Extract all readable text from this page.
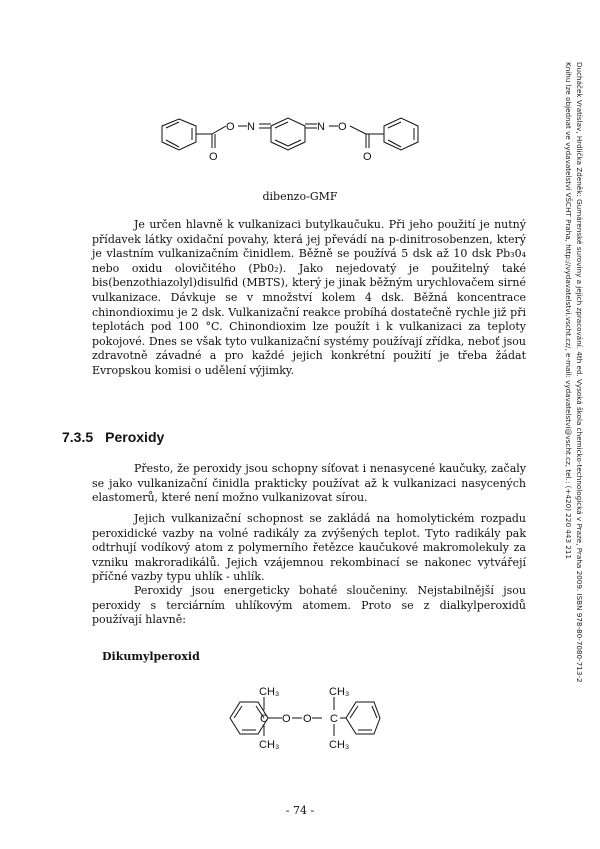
Ducháček Vratislav, Hrdlička Zdeněk: Gumárenské suroviny a jejich zpracování. 4th ed. Vysoká škola chemicko-technologická v Praze, Praha 2009. ISBN 978-80-7080-713-2
Knihu lze objednat ve vydavatelství VŠCHT Praha, http://vydavatelstvi.vscht.cz/, e-mail: vydavatelstvi@vscht.cz, tel.: (+420) 220 443 211
O N	N O
O	O
dibenzo-GMF

Je určen hlavně k vulkanizaci butylkaučuku. Při jeho použití je nutný přídavek látky oxidační povahy, která jej převádí na p-dinitrosobenzen, který je vlastním vulkanizačním činidlem. Běžně se používá 5 dsk až 10 dsk Pb₃0₄ nebo oxidu olovičitého (Pb0₂). Jako nejedovatý je použitelný také bis(benzothiazolyl)disulfid (MBTS), který je jinak běžným urychlovačem sirné vulkanizace. Dávkuje se v množství kolem 4 dsk. Běžná koncentrace chinondioximu je 2 dsk. Vulkanizační reakce probíhá dostatečně rychle již při teplotách pod 100 °C. Chinondioxim lze použít i k vulkanizaci za teploty pokojové. Dnes se však tyto vulkanizační systémy používají zřídka, neboť jsou zdravotně závadné a pro každé jejich konkrétní použití je třeba žádat Evropskou komisi o udělení výjimky.

7.3.5 Peroxidy

Přesto, že peroxidy jsou schopny síťovat i nenasycené kaučuky, začaly se jako vulkanizační činidla prakticky používat až k vulkanizaci nasycených elastomerů, které není možno vulkanizovat sírou.

Jejich vulkanizační schopnost se zakládá na homolytickém rozpadu peroxidické vazby na volné radikály za zvýšených teplot. Tyto radikály pak odtrhují vodíkový atom z polymerního řetězce kaučukové makromolekuly za vzniku makroradikálů. Jejich vzájemnou rekombinací se nakonec vytvářejí příčné vazby typu uhlík - uhlík.

Peroxidy jsou energeticky bohaté sloučeniny. Nejstabilnější jsou peroxidy s terciárním uhlíkovým atomem. Proto se z dialkylperoxidů používají hlavně:

Dikumylperoxid
CH₃	CH₃
C O O C
CH₃	CH₃
- 74 -
